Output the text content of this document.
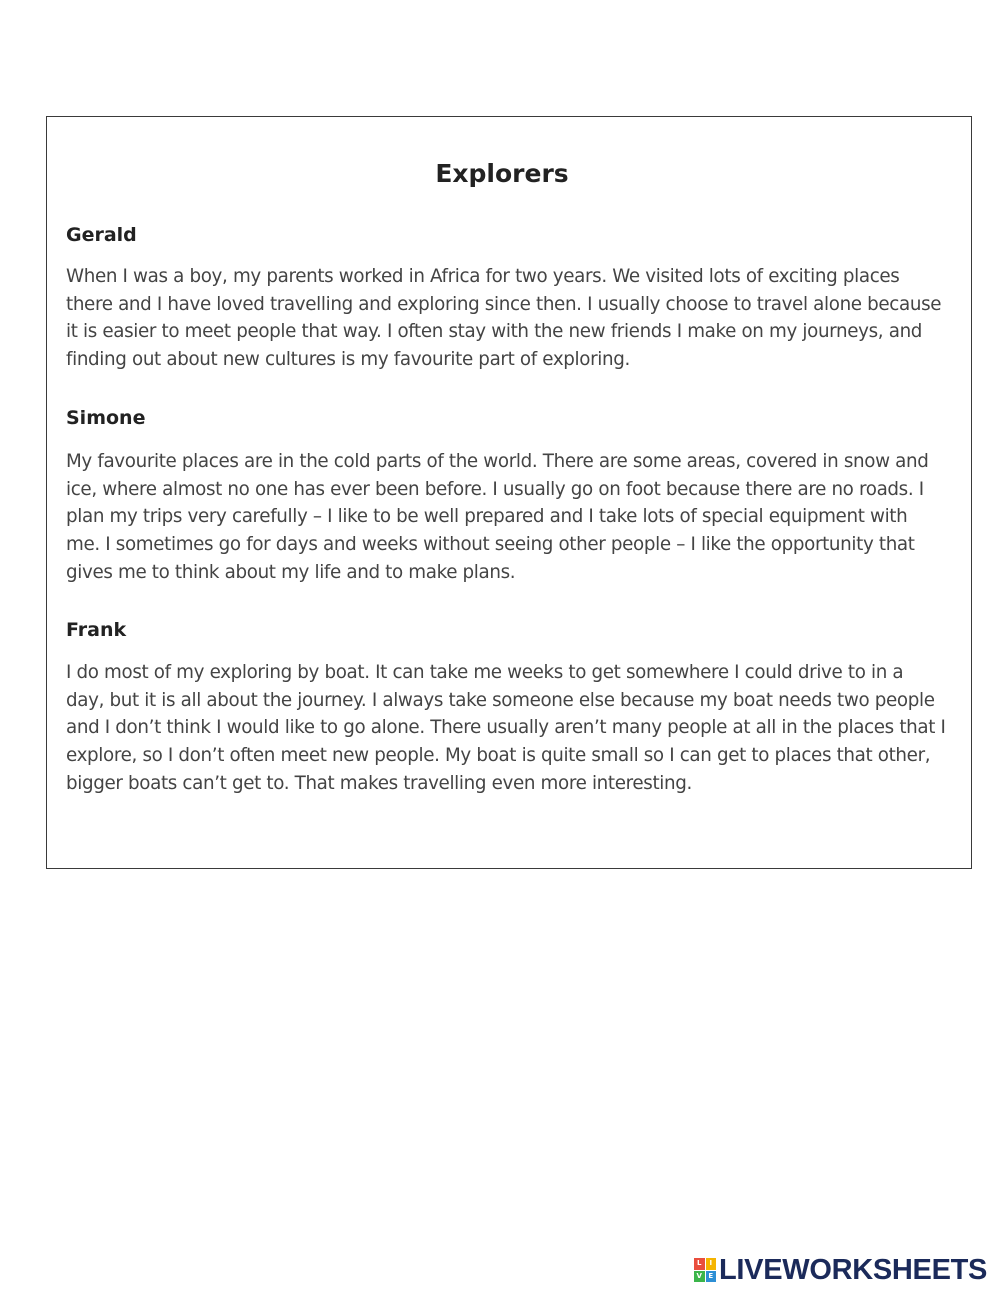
Explorers
Gerald

When I was a boy, my parents worked in Africa for two years. We visited lots of exciting places there and I have loved travelling and exploring since then. I usually choose to travel alone because it is easier to meet people that way. I often stay with the new friends I make on my journeys, and finding out about new cultures is my favourite part of exploring.

Simone

My favourite places are in the cold parts of the world. There are some areas, covered in snow and ice, where almost no one has ever been before. I usually go on foot because there are no roads. I plan my trips very carefully – I like to be well prepared and I take lots of special equipment with me. I sometimes go for days and weeks without seeing other people – I like the opportunity that gives me to think about my life and to make plans.

Frank

I do most of my exploring by boat. It can take me weeks to get somewhere I could drive to in a day, but it is all about the journey. I always take someone else because my boat needs two people and I don’t think I would like to go alone. There usually aren’t many people at all in the places that I explore, so I don’t often meet new people. My boat is quite small so I can get to places that other, bigger boats can’t get to. That makes travelling even more interesting.

L	I
V E LIVEWORKSHEETS
